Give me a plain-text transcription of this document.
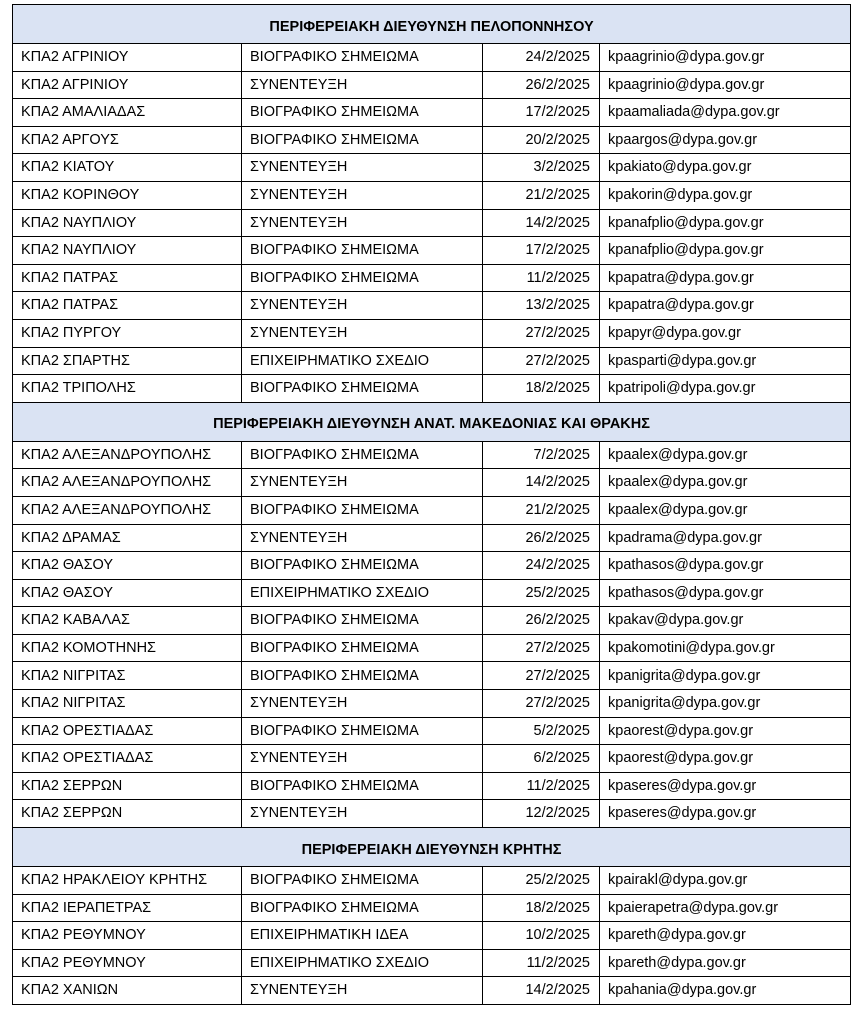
ΠΕΡΙΦΕΡΕΙΑΚΗ ΔΙΕΥΘΥΝΣΗ ΠΕΛΟΠΟΝΝΗΣΟΥ			
ΚΠΑ2 ΑΓΡΙΝΙΟΥ	ΒΙΟΓΡΑΦΙΚΟ ΣΗΜΕΙΩΜΑ	24/2/2025	kpaagrinio@dypa.gov.gr
ΚΠΑ2 ΑΓΡΙΝΙΟΥ	ΣΥΝΕΝΤΕΥΞΗ	26/2/2025	kpaagrinio@dypa.gov.gr
ΚΠΑ2 ΑΜΑΛΙΑΔΑΣ	ΒΙΟΓΡΑΦΙΚΟ ΣΗΜΕΙΩΜΑ	17/2/2025	kpaamaliada@dypa.gov.gr
ΚΠΑ2 ΑΡΓΟΥΣ	ΒΙΟΓΡΑΦΙΚΟ ΣΗΜΕΙΩΜΑ	20/2/2025	kpaargos@dypa.gov.gr
ΚΠΑ2 ΚΙΑΤΟΥ	ΣΥΝΕΝΤΕΥΞΗ	3/2/2025	kpakiato@dypa.gov.gr
ΚΠΑ2 ΚΟΡΙΝΘΟΥ	ΣΥΝΕΝΤΕΥΞΗ	21/2/2025	kpakorin@dypa.gov.gr
ΚΠΑ2 ΝΑΥΠΛΙΟΥ	ΣΥΝΕΝΤΕΥΞΗ	14/2/2025	kpanafplio@dypa.gov.gr
ΚΠΑ2 ΝΑΥΠΛΙΟΥ	ΒΙΟΓΡΑΦΙΚΟ ΣΗΜΕΙΩΜΑ	17/2/2025	kpanafplio@dypa.gov.gr
ΚΠΑ2 ΠΑΤΡΑΣ	ΒΙΟΓΡΑΦΙΚΟ ΣΗΜΕΙΩΜΑ	11/2/2025	kpapatra@dypa.gov.gr
ΚΠΑ2 ΠΑΤΡΑΣ	ΣΥΝΕΝΤΕΥΞΗ	13/2/2025	kpapatra@dypa.gov.gr
ΚΠΑ2 ΠΥΡΓΟΥ	ΣΥΝΕΝΤΕΥΞΗ	27/2/2025	kpapyr@dypa.gov.gr
ΚΠΑ2 ΣΠΑΡΤΗΣ	ΕΠΙΧΕΙΡΗΜΑΤΙΚΟ ΣΧΕΔΙΟ	27/2/2025	kpasparti@dypa.gov.gr
ΚΠΑ2 ΤΡΙΠΟΛΗΣ	ΒΙΟΓΡΑΦΙΚΟ ΣΗΜΕΙΩΜΑ	18/2/2025	kpatripoli@dypa.gov.gr
ΠΕΡΙΦΕΡΕΙΑΚΗ ΔΙΕΥΘΥΝΣΗ ΑΝΑΤ. ΜΑΚΕΔΟΝΙΑΣ ΚΑΙ ΘΡΑΚΗΣ			
ΚΠΑ2 ΑΛΕΞΑΝΔΡΟΥΠΟΛΗΣ	ΒΙΟΓΡΑΦΙΚΟ ΣΗΜΕΙΩΜΑ	7/2/2025	kpaalex@dypa.gov.gr
ΚΠΑ2 ΑΛΕΞΑΝΔΡΟΥΠΟΛΗΣ	ΣΥΝΕΝΤΕΥΞΗ	14/2/2025	kpaalex@dypa.gov.gr
ΚΠΑ2 ΑΛΕΞΑΝΔΡΟΥΠΟΛΗΣ	ΒΙΟΓΡΑΦΙΚΟ ΣΗΜΕΙΩΜΑ	21/2/2025	kpaalex@dypa.gov.gr
ΚΠΑ2 ΔΡΑΜΑΣ	ΣΥΝΕΝΤΕΥΞΗ	26/2/2025	kpadrama@dypa.gov.gr
ΚΠΑ2 ΘΑΣΟΥ	ΒΙΟΓΡΑΦΙΚΟ ΣΗΜΕΙΩΜΑ	24/2/2025	kpathasos@dypa.gov.gr
ΚΠΑ2 ΘΑΣΟΥ	ΕΠΙΧΕΙΡΗΜΑΤΙΚΟ ΣΧΕΔΙΟ	25/2/2025	kpathasos@dypa.gov.gr
ΚΠΑ2 ΚΑΒΑΛΑΣ	ΒΙΟΓΡΑΦΙΚΟ ΣΗΜΕΙΩΜΑ	26/2/2025	kpakav@dypa.gov.gr
ΚΠΑ2 ΚΟΜΟΤΗΝΗΣ	ΒΙΟΓΡΑΦΙΚΟ ΣΗΜΕΙΩΜΑ	27/2/2025	kpakomotini@dypa.gov.gr
ΚΠΑ2 ΝΙΓΡΙΤΑΣ	ΒΙΟΓΡΑΦΙΚΟ ΣΗΜΕΙΩΜΑ	27/2/2025	kpanigrita@dypa.gov.gr
ΚΠΑ2 ΝΙΓΡΙΤΑΣ	ΣΥΝΕΝΤΕΥΞΗ	27/2/2025	kpanigrita@dypa.gov.gr
ΚΠΑ2 ΟΡΕΣΤΙΑΔΑΣ	ΒΙΟΓΡΑΦΙΚΟ ΣΗΜΕΙΩΜΑ	5/2/2025	kpaorest@dypa.gov.gr
ΚΠΑ2 ΟΡΕΣΤΙΑΔΑΣ	ΣΥΝΕΝΤΕΥΞΗ	6/2/2025	kpaorest@dypa.gov.gr
ΚΠΑ2 ΣΕΡΡΩΝ	ΒΙΟΓΡΑΦΙΚΟ ΣΗΜΕΙΩΜΑ	11/2/2025	kpaseres@dypa.gov.gr
ΚΠΑ2 ΣΕΡΡΩΝ	ΣΥΝΕΝΤΕΥΞΗ	12/2/2025	kpaseres@dypa.gov.gr
ΠΕΡΙΦΕΡΕΙΑΚΗ ΔΙΕΥΘΥΝΣΗ ΚΡΗΤΗΣ			
ΚΠΑ2 ΗΡΑΚΛΕΙΟΥ ΚΡΗΤΗΣ	ΒΙΟΓΡΑΦΙΚΟ ΣΗΜΕΙΩΜΑ	25/2/2025	kpairakl@dypa.gov.gr
ΚΠΑ2 ΙΕΡΑΠΕΤΡΑΣ	ΒΙΟΓΡΑΦΙΚΟ ΣΗΜΕΙΩΜΑ	18/2/2025	kpaierapetra@dypa.gov.gr
ΚΠΑ2 ΡΕΘΥΜΝΟΥ	ΕΠΙΧΕΙΡΗΜΑΤΙΚΗ ΙΔΕΑ	10/2/2025	kpareth@dypa.gov.gr
ΚΠΑ2 ΡΕΘΥΜΝΟΥ	ΕΠΙΧΕΙΡΗΜΑΤΙΚΟ ΣΧΕΔΙΟ	11/2/2025	kpareth@dypa.gov.gr
ΚΠΑ2 ΧΑΝΙΩΝ	ΣΥΝΕΝΤΕΥΞΗ	14/2/2025	kpahania@dypa.gov.gr
